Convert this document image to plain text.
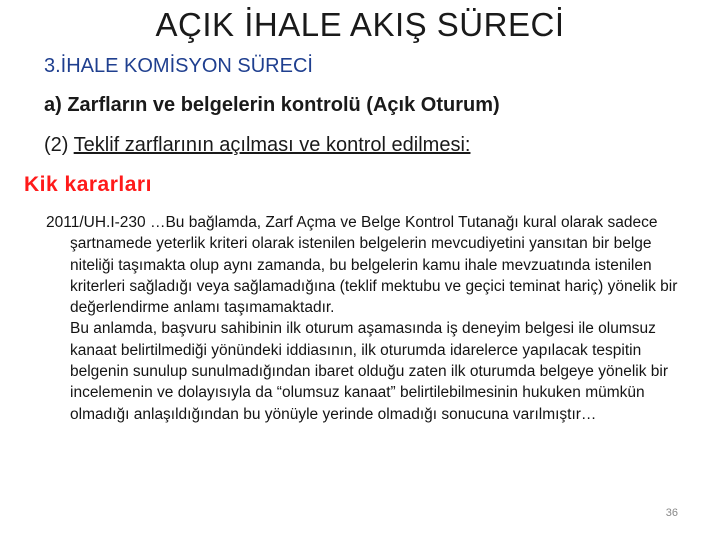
AÇIK İHALE AKIŞ SÜRECİ
3.İHALE KOMİSYON SÜRECİ
a) Zarfların ve belgelerin kontrolü (Açık Oturum)
(2) Teklif zarflarının açılması ve kontrol edilmesi:
Kik kararları

2011/UH.I-230 …Bu bağlamda, Zarf Açma ve Belge Kontrol Tutanağı kural olarak sadece şartnamede yeterlik kriteri olarak istenilen belgelerin mevcudiyetini yansıtan bir belge niteliği taşımakta olup aynı zamanda, bu belgelerin kamu ihale mevzuatında istenilen kriterleri sağladığı veya sağlamadığına (teklif mektubu ve geçici teminat hariç) yönelik bir değerlendirme anlamı taşımamaktadır.

Bu anlamda, başvuru sahibinin ilk oturum aşamasında iş deneyim belgesi ile olumsuz kanaat belirtilmediği yönündeki iddiasının, ilk oturumda idarelerce yapılacak tespitin belgenin sunulup sunulmadığından ibaret olduğu zaten ilk oturumda belgeye yönelik bir incelemenin ve dolayısıyla da “olumsuz kanaat” belirtilebilmesinin hukuken mümkün olmadığı anlaşıldığından bu yönüyle yerinde olmadığı sonucuna varılmıştır…

36
